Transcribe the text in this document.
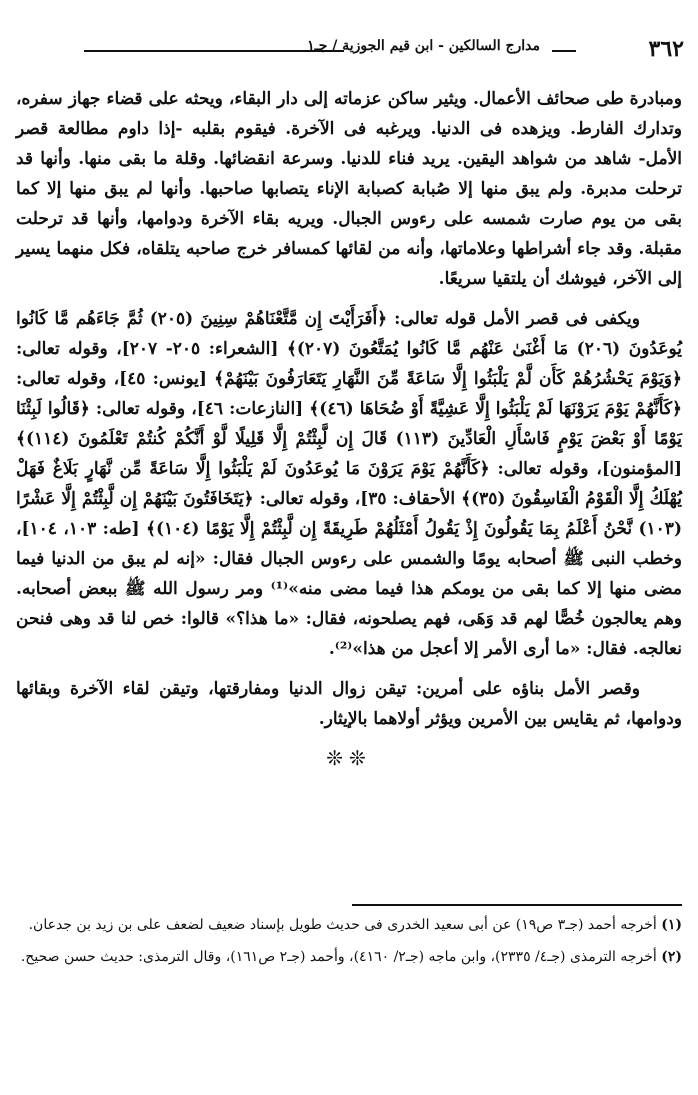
٣٦٢
مدارج السالكين - ابن قيم الجوزية / جـ١

ومبادرة طى صحائف الأعمال. ويثير ساكن عزماته إلى دار البقاء، ويحثه على قضاء جهاز سفره، وتدارك الفارط. ويزهده فى الدنيا. ويرغبه فى الآخرة. فيقوم بقلبه -إذا داوم مطالعة قصر الأمل- شاهد من شواهد اليقين. يريد فناء للدنيا. وسرعة انقضائها. وقلة ما بقى منها. وأنها قد ترحلت مدبرة. ولم يبق منها إلا صُبابة كصبابة الإناء يتصابها صاحبها. وأنها لم يبق منها إلا كما بقى من يوم صارت شمسه على رءوس الجبال. ويريه بقاء الآخرة ودوامها، وأنها قد ترحلت مقبلة. وقد جاء أشراطها وعلاماتها، وأنه من لقائها كمسافر خرج صاحبه يتلقاه، فكل منهما يسير إلى الآخر، فيوشك أن يلتقيا سريعًا.

ويكفى فى قصر الأمل قوله تعالى: ﴿أَفَرَأَيْتَ إِن مَّتَّعْنَاهُمْ سِنِينَ (٢٠٥) ثُمَّ جَاءَهُم مَّا كَانُوا يُوعَدُونَ (٢٠٦) مَا أَغْنَىٰ عَنْهُم مَّا كَانُوا يُمَتَّعُونَ (٢٠٧)﴾ [الشعراء: ٢٠٥- ٢٠٧]، وقوله تعالى: ﴿وَيَوْمَ يَحْشُرُهُمْ كَأَن لَّمْ يَلْبَثُوا إِلَّا سَاعَةً مِّنَ النَّهَارِ يَتَعَارَفُونَ بَيْنَهُمْ﴾ [يونس: ٤٥]، وقوله تعالى: ﴿كَأَنَّهُمْ يَوْمَ يَرَوْنَهَا لَمْ يَلْبَثُوا إِلَّا عَشِيَّةً أَوْ ضُحَاهَا (٤٦)﴾ [النازعات: ٤٦]، وقوله تعالى: ﴿قَالُوا لَبِثْنَا يَوْمًا أَوْ بَعْضَ يَوْمٍ فَاسْأَلِ الْعَادِّينَ (١١٣) قَالَ إِن لَّبِثْتُمْ إِلَّا قَلِيلًا لَّوْ أَنَّكُمْ كُنتُمْ تَعْلَمُونَ (١١٤)﴾ [المؤمنون]، وقوله تعالى: ﴿كَأَنَّهُمْ يَوْمَ يَرَوْنَ مَا يُوعَدُونَ لَمْ يَلْبَثُوا إِلَّا سَاعَةً مِّن نَّهَارٍ بَلَاغٌ فَهَلْ يُهْلَكُ إِلَّا الْقَوْمُ الْفَاسِقُونَ (٣٥)﴾ الأحقاف: ٣٥]، وقوله تعالى: ﴿يَتَخَافَتُونَ بَيْنَهُمْ إِن لَّبِثْتُمْ إِلَّا عَشْرًا (١٠٣) نَّحْنُ أَعْلَمُ بِمَا يَقُولُونَ إِذْ يَقُولُ أَمْثَلُهُمْ طَرِيقَةً إِن لَّبِثْتُمْ إِلَّا يَوْمًا (١٠٤)﴾ [طه: ١٠٣، ١٠٤]، وخطب النبى ﷺ أصحابه يومًا والشمس على رءوس الجبال فقال: «إنه لم يبق من الدنيا فيما مضى منها إلا كما بقى من يومكم هذا فيما مضى منه»⁽¹⁾ ومر رسول الله ﷺ ببعض أصحابه. وهم يعالجون خُصًّا لهم قد وَهَى، فهم يصلحونه، فقال: «ما هذا؟» قالوا: خص لنا قد وهى فنحن نعالجه. فقال: «ما أرى الأمر إلا أعجل من هذا»⁽²⁾.

وقصر الأمل بناؤه على أمرين: تيقن زوال الدنيا ومفارقتها، وتيقن لقاء الآخرة وبقائها ودوامها، ثم يقايس بين الأمرين ويؤثر أولاهما بالإيثار.

❊❊
(١) أخرجه أحمد (جـ٣ ص١٩) عن أبى سعيد الخدرى فى حديث طويل بإسناد ضعيف لضعف على بن زيد بن جدعان.
(٢) أخرجه الترمذى (جـ٤/ ٢٣٣٥)، وابن ماجه (جـ٢/ ٤١٦٠)، وأحمد (جـ٢ ص١٦١)، وقال الترمذى: حديث حسن صحيح.
